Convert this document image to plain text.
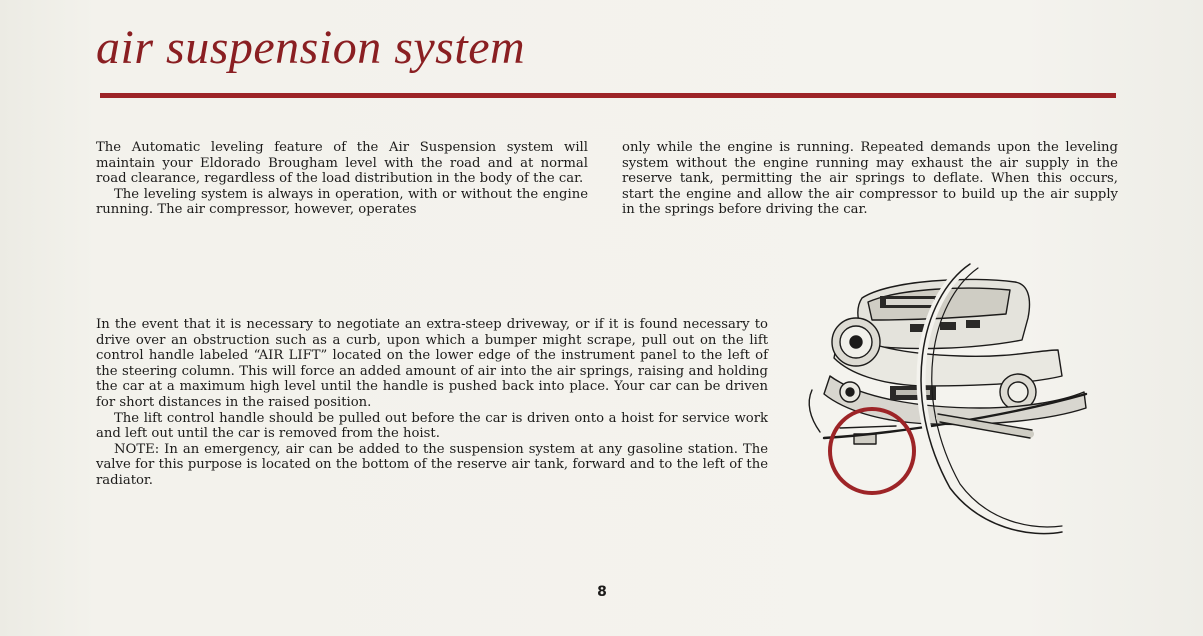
air suspension system

The Automatic leveling feature of the Air Suspension system will maintain your Eldorado Brougham level with the road and at normal road clearance, regardless of the load distribution in the body of the car.

The leveling system is always in operation, with or without the engine running. The air compressor, however, operates

only while the engine is running. Repeated demands upon the leveling system without the engine running may exhaust the air supply in the reserve tank, permitting the air springs to deflate. When this occurs, start the engine and allow the air compressor to build up the air supply in the springs before driving the car.

In the event that it is necessary to negotiate an extra-steep driveway, or if it is found necessary to drive over an obstruction such as a curb, upon which a bumper might scrape, pull out on the lift control handle labeled “AIR LIFT” located on the lower edge of the instrument panel to the left of the steering column. This will force an added amount of air into the air springs, raising and holding the car at a maximum high level until the handle is pushed back into place. Your car can be driven for short distances in the raised position.

The lift control handle should be pulled out before the car is driven onto a hoist for service work and left out until the car is removed from the hoist.

NOTE: In an emergency, air can be added to the suspension system at any gasoline station. The valve for this purpose is located on the bottom of the reserve air tank, forward and to the left of the radiator.

8
